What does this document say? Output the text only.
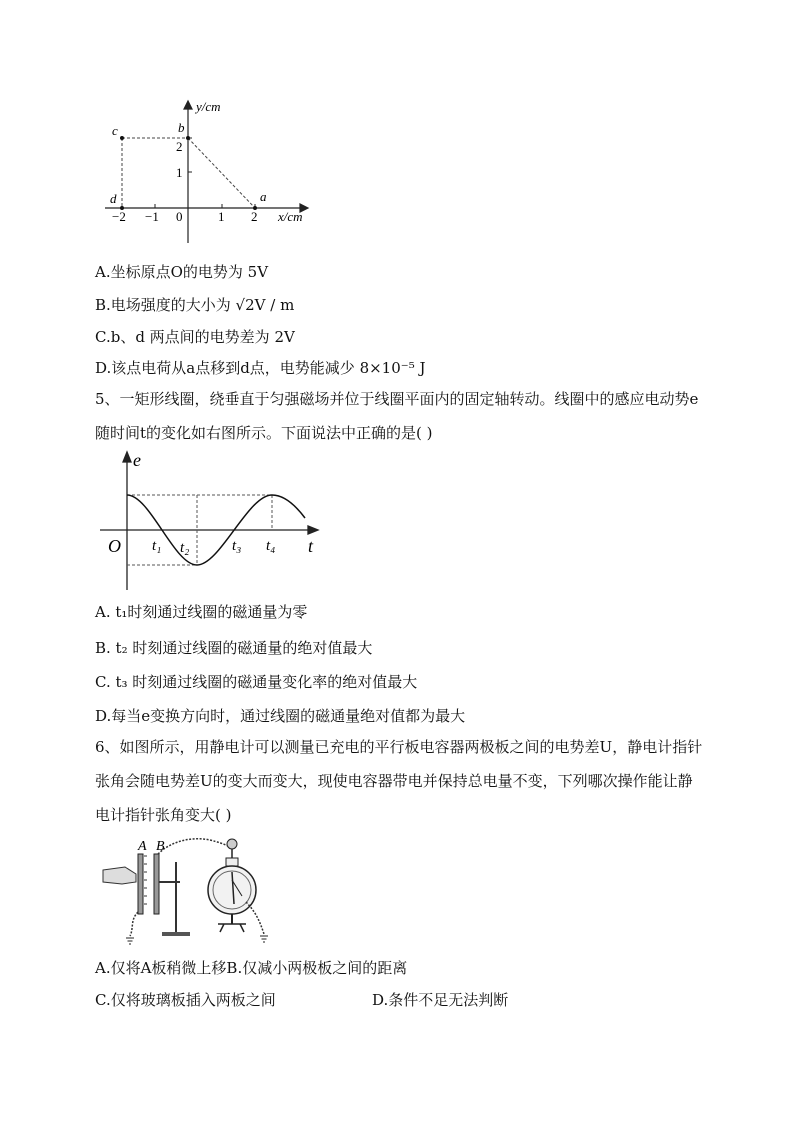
y/cm
x/cm
c	b
a
d
2
1
−2 −1 0	1 2
A.坐标原点O的电势为 5V
B.电场强度的大小为 √2V / m
C.b、d 两点间的电势差为 2V
D.该点电荷从a点移到d点，电势能减少 8×10⁻⁵ J
5、一矩形线圈，绕垂直于匀强磁场并位于线圈平面内的固定轴转动。线圈中的感应电动势e随时间t的变化如右图所示。下面说法中正确的是( )
e
t
O t₁ t₂	t₃ t₄
A. t₁时刻通过线圈的磁通量为零
B. t₂ 时刻通过线圈的磁通量的绝对值最大
C. t₃ 时刻通过线圈的磁通量变化率的绝对值最大
D.每当e变换方向时，通过线圈的磁通量绝对值都为最大
6、如图所示，用静电计可以测量已充电的平行板电容器两极板之间的电势差U，静电计指针张角会随电势差U的变大而变大，现使电容器带电并保持总电量不变，下列哪次操作能让静电计指针张角变大( )
A B
A.仅将A板稍微上移B.仅减小两极板之间的距离
C.仅将玻璃板插入两板之间	D.条件不足无法判断
